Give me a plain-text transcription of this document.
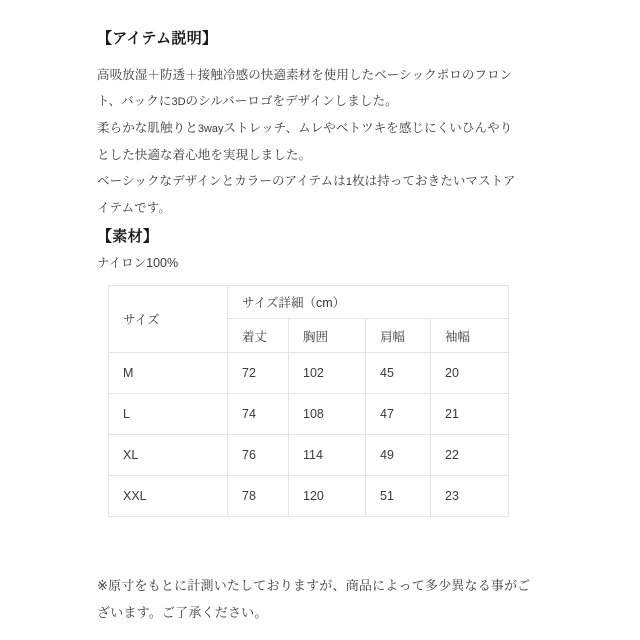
【アイテム説明】

高吸放湿＋防透＋接触冷感の快適素材を使用したベーシックポロのフロント、バックに3Dのシルバーロゴをデザインしました。

柔らかな肌触りと3wayストレッチ、ムレやベトツキを感じにくいひんやりとした快適な着心地を実現しました。

ベーシックなデザインとカラーのアイテムは1枚は持っておきたいマストアイテムです。

【素材】
ナイロン100%
サイズ	サイズ詳細（cm）			
	着丈	胸囲	肩幅	袖幅
M	72	102	45	20
L	74	108	47	21
XL	76	114	49	22
XXL	78	120	51	23

※原寸をもとに計測いたしておりますが、商品によって多少異なる事がございます。ご了承ください。
